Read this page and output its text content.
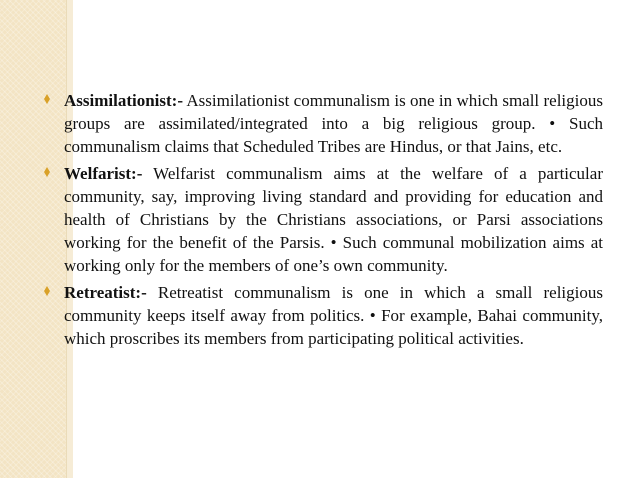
Assimilationist:- Assimilationist communalism is one in which small religious groups are assimilated/integrated into a big religious group. • Such communalism claims that Scheduled Tribes are Hindus, or that Jains, etc.

Welfarist:- Welfarist communalism aims at the welfare of a particular community, say, improving living standard and providing for education and health of Christians by the Christians associations, or Parsi associations working for the benefit of the Parsis. • Such communal mobilization aims at working only for the members of one’s own community.

Retreatist:- Retreatist communalism is one in which a small religious community keeps itself away from politics. • For example, Bahai community, which proscribes its members from participating political activities.
